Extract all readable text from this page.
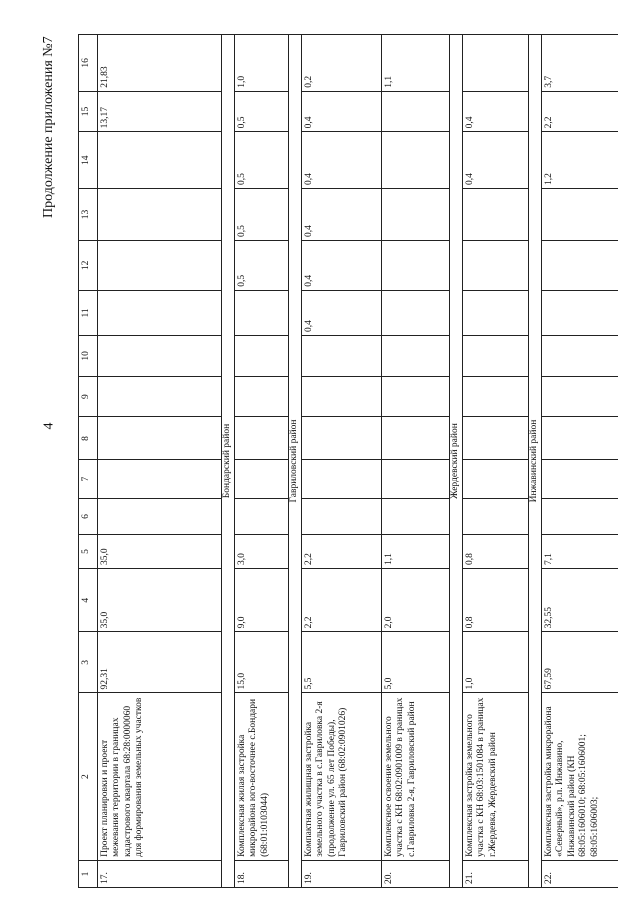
4
Продолжение приложения №7
1	2	3	4	5	6	7	8	9	10	11	12	13	14	15	16
17.	Проект планировки и проект межевания территории в границах кадастрового квартала 68:28:0000060 для формирования земельных участков	92,31	35,0	35,0										13,17	21,83
Бондарский район															
18.	Комплексная жилая застройка микрорайона юго-восточнее с.Бондари (68:01:0103044)	15,0	9,0	3,0							0,5	0,5	0,5	0,5	1,0
Гавриловский район															
19.	Компактная жилищная застройка земельного участка в с.Гавриловка 2-я (продолжение ул. 65 лет Победы), Гавриловский район (68:02:0901026)	5,5	2,2	2,2						0,4	0,4	0,4	0,4	0,4	0,2
20.	Комплексное освоение земельного участка с КН 68:02:0901009 в границах с.Гавриловка 2-я, Гавриловский район	5,0	2,0	1,1											1,1
Жердевский район															
21.	Комплексная застройка земельного участка с КН 68:03:1501084 в границах г.Жердевка, Жердевский район	1,0	0,8	0,8									0,4	0,4	
Инжавинский район															
22.	Комплексная застройка микрорайона «Северный», р.п. Инжавино, Инжавинский район (КН 68:05:1606010; 68:05:1606001; 68:05:1606003;	67,59	32,55	7,1									1,2	2,2	3,7
